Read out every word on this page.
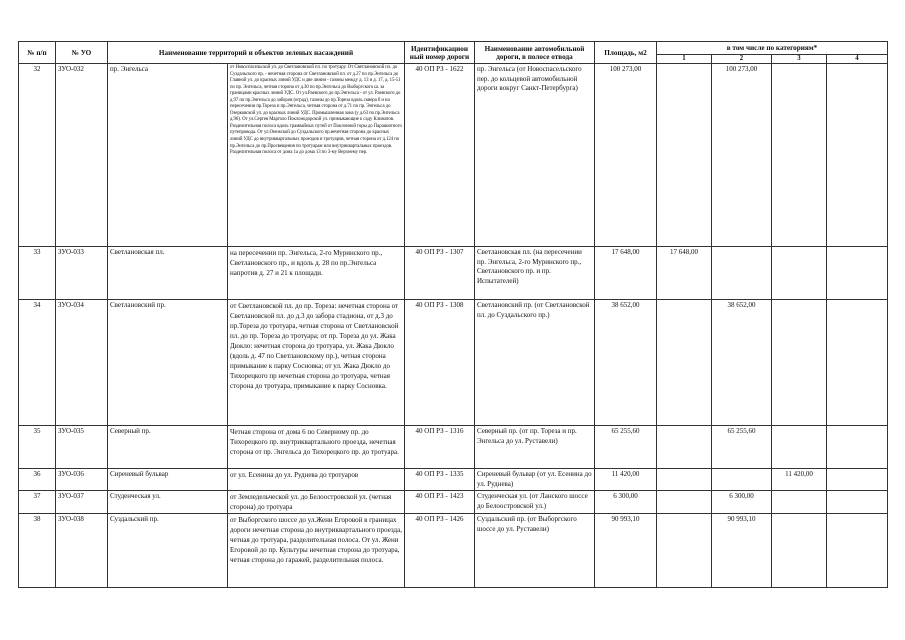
№ п/п	№ УО	Наименование территорий и объектов зеленых насаждений		Идентификацион ный номер дороги	Наименование автомобильной дороги, в полосе отвода	Площадь, м2	в том числе по категориям*			
							1	2	3	4
32	ЗУО-032	пр. Энгельса	от Новоспасельской ул. до Светлановской пл. по тротуару. От Светлановской пл. до Суздальского пр. - нечетная сторона от Светлановской пл. от д.27 по пр.Энгельса до Главной ул. до красных линий УДС и две линии - газоны между д. 13 и д. 17, д. 15-51 по пр. Энгельса, четная сторона от д.30 по пр.Энгельса до Выборгского ш. за границами красных линий УДС. От ул.Раевского до пр.Энгельса - от ул. Раевского до д.97 по пр.Энгельса до заборов (оград), газоны до пр.Тореза вдоль сквера б и на пересечении пр.Тореза и пр.Энгельса, четная сторона от д.71 по пр. Энгельса до Озерковской ул. до красных линий УДС. Промышленная зона (у д.63 по пр.Энгельса д.96). От ул.Сергея Марголо Поклонодорской ул. примыкающие к саду Климатов. Разделительная полоса вдоль трамвайных путей от Поклонной горы до Парашютного путепровода. От ул.Онежской до Суздальского пр.нечетная сторона до красных линий УДС до внутриквартальных проездов и тротуаров, четная сторона от д.124 по пр.Энгельса до пр.Просвещения по тротуарам или внутриквартальных проездов. Разделительная полоса от дома 1а до дома 13 по 3-му Верхнему пер.	40 ОП РЗ - 1622	пр. Энгельса (от Новоспасельского пер. до кольцевой автомобильной дороги вокруг Санкт-Петербурга)	100 273,00		100 273,00		
33	ЗУО-033	Светлановская пл.	на пересечении пр. Энгельса, 2-го Муринского пр., Светлановского пр., и вдоль д. 28 по пр.Энгельса напротив д. 27 и 21 к площади.	40 ОП РЗ - 1307	Светлановская пл. (на пересечении пр. Энгельса, 2-го Муринского пр., Светлановского пр. и пр. Испытателей)	17 648,00	17 648,00			
34	ЗУО-034	Светлановский пр.	от Светлановской пл. до пр. Тореза: нечетная сторона от Светлановской пл. до д.3 до забора стадиона, от д.3 до пр.Тореза до тротуара, четная сторона от Светлановской пл. до пр. Тореза до тротуара; от пр. Тореза до ул. Жака Дюкло: нечетная сторона до тротуара, ул. Жака Дюкло (вдоль д. 47 по Светлановскому пр.), четная сторона примыкание к парку Сосновка; от ул. Жака Дюкло до Тихорецкого пр нечетная сторона до тротуара, четная сторона до тротуара, примыкание к парку Сосновка.	40 ОП РЗ - 1308	Светлановский пр. (от Светлановской пл. до Суздальского пр.)	38 652,00		38 652,00		
35	ЗУО-035	Северный пр.	Четная сторона от дома 6 по Северному пр. до Тихорецкого пр. внутриквартального проезда, нечетная сторона от пр. Энгельса до Тихорецкого пр. до тротуара.	40 ОП РЗ - 1316	Северный пр. (от пр. Тореза и пр. Энгельса до ул. Руставели)	65 255,60		65 255,60		
36	ЗУО-036	Сиреневый бульвар	от ул. Есенина до ул. Руднева до тротуаров	40 ОП РЗ - 1335	Сиреневый бульвар (от ул. Есенина до ул. Руднева)	11 420,00			11 420,00	
37	ЗУО-037	Студенческая ул.	от Земледельческой ул. до Белоостровской ул. (четная сторона) до тротуара	40 ОП РЗ - 1423	Студенческая ул. (от Ланского шоссе до Белоостровской ул.)	6 300,00		6 300,00		
38	ЗУО-038	Суздальский пр.	от Выборгского шоссе до ул.Жени Егоровой в границах дороги нечетная сторона до внутриквартального проезда, четная до тротуара, разделительная полоса. От ул. Жени Егоровой до пр. Культуры нечетная сторона до тротуара, четная сторона до гаражей, разделительная полоса.	40 ОП РЗ - 1426	Суздальский пр. (от Выборгского шоссе до ул. Руставели)	90 993,10		90 993,10		
